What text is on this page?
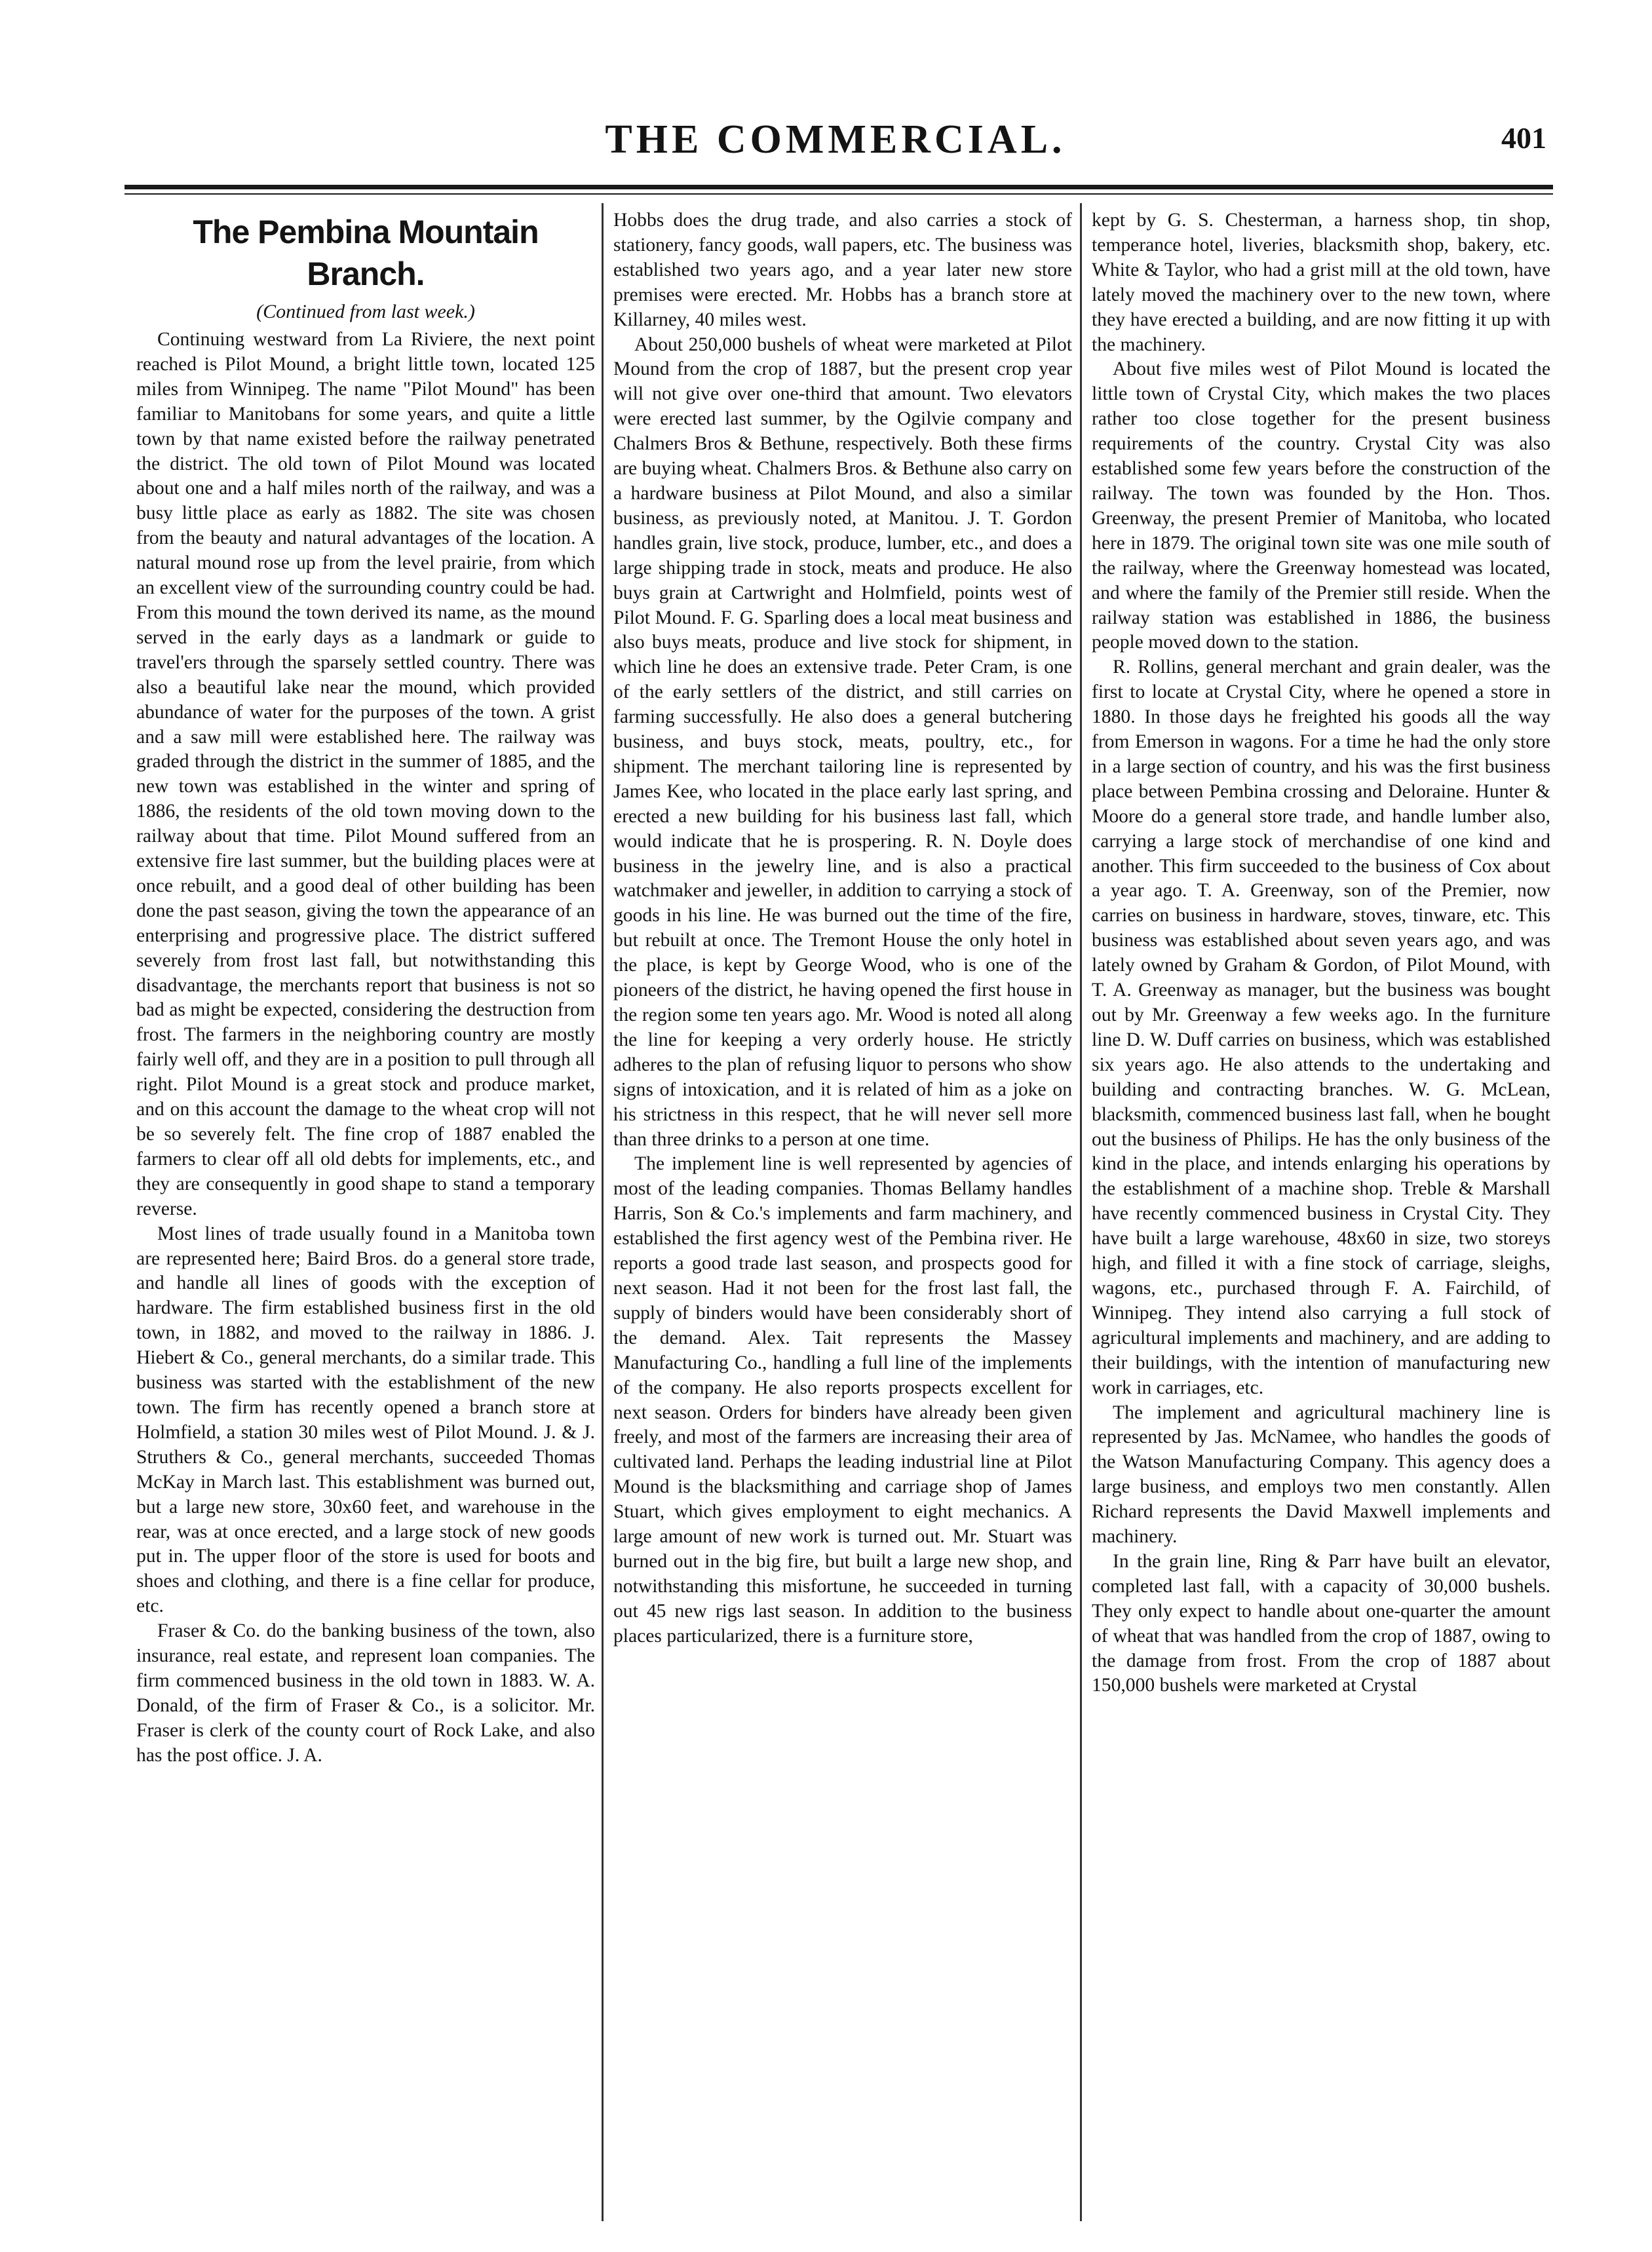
THE COMMERCIAL.	401
The Pembina Mountain Branch.
(Continued from last week.)

Continuing westward from La Riviere, the next point reached is Pilot Mound, a bright little town, located 125 miles from Winnipeg. The name "Pilot Mound" has been familiar to Manitobans for some years, and quite a little town by that name existed before the railway penetrated the district. The old town of Pilot Mound was located about one and a half miles north of the railway, and was a busy little place as early as 1882. The site was chosen from the beauty and natural advantages of the location. A natural mound rose up from the level prairie, from which an excellent view of the surrounding country could be had. From this mound the town derived its name, as the mound served in the early days as a landmark or guide to travel'ers through the sparsely settled country. There was also a beautiful lake near the mound, which provided abundance of water for the purposes of the town. A grist and a saw mill were established here. The railway was graded through the district in the summer of 1885, and the new town was established in the winter and spring of 1886, the residents of the old town moving down to the railway about that time. Pilot Mound suffered from an extensive fire last summer, but the building places were at once rebuilt, and a good deal of other building has been done the past season, giving the town the appearance of an enterprising and progressive place. The district suffered severely from frost last fall, but notwithstanding this disadvantage, the merchants report that business is not so bad as might be expected, considering the destruction from frost. The farmers in the neighboring country are mostly fairly well off, and they are in a position to pull through all right. Pilot Mound is a great stock and produce market, and on this account the damage to the wheat crop will not be so severely felt. The fine crop of 1887 enabled the farmers to clear off all old debts for implements, etc., and they are consequently in good shape to stand a temporary reverse.

Most lines of trade usually found in a Manitoba town are represented here; Baird Bros. do a general store trade, and handle all lines of goods with the exception of hardware. The firm established business first in the old town, in 1882, and moved to the railway in 1886. J. Hiebert & Co., general merchants, do a similar trade. This business was started with the establishment of the new town. The firm has recently opened a branch store at Holmfield, a station 30 miles west of Pilot Mound. J. & J. Struthers & Co., general merchants, succeeded Thomas McKay in March last. This establishment was burned out, but a large new store, 30x60 feet, and warehouse in the rear, was at once erected, and a large stock of new goods put in. The upper floor of the store is used for boots and shoes and clothing, and there is a fine cellar for produce, etc.

Fraser & Co. do the banking business of the town, also insurance, real estate, and represent loan companies. The firm commenced business in the old town in 1883. W. A. Donald, of the firm of Fraser & Co., is a solicitor. Mr. Fraser is clerk of the county court of Rock Lake, and also has the post office. J. A.

Hobbs does the drug trade, and also carries a stock of stationery, fancy goods, wall papers, etc. The business was established two years ago, and a year later new store premises were erected. Mr. Hobbs has a branch store at Killarney, 40 miles west.

About 250,000 bushels of wheat were marketed at Pilot Mound from the crop of 1887, but the present crop year will not give over one-third that amount. Two elevators were erected last summer, by the Ogilvie company and Chalmers Bros & Bethune, respectively. Both these firms are buying wheat. Chalmers Bros. & Bethune also carry on a hardware business at Pilot Mound, and also a similar business, as previously noted, at Manitou. J. T. Gordon handles grain, live stock, produce, lumber, etc., and does a large shipping trade in stock, meats and produce. He also buys grain at Cartwright and Holmfield, points west of Pilot Mound. F. G. Sparling does a local meat business and also buys meats, produce and live stock for shipment, in which line he does an extensive trade. Peter Cram, is one of the early settlers of the district, and still carries on farming successfully. He also does a general butchering business, and buys stock, meats, poultry, etc., for shipment. The merchant tailoring line is represented by James Kee, who located in the place early last spring, and erected a new building for his business last fall, which would indicate that he is prospering. R. N. Doyle does business in the jewelry line, and is also a practical watchmaker and jeweller, in addition to carrying a stock of goods in his line. He was burned out the time of the fire, but rebuilt at once. The Tremont House the only hotel in the place, is kept by George Wood, who is one of the pioneers of the district, he having opened the first house in the region some ten years ago. Mr. Wood is noted all along the line for keeping a very orderly house. He strictly adheres to the plan of refusing liquor to persons who show signs of intoxication, and it is related of him as a joke on his strictness in this respect, that he will never sell more than three drinks to a person at one time.

The implement line is well represented by agencies of most of the leading companies. Thomas Bellamy handles Harris, Son & Co.'s implements and farm machinery, and established the first agency west of the Pembina river. He reports a good trade last season, and prospects good for next season. Had it not been for the frost last fall, the supply of binders would have been considerably short of the demand. Alex. Tait represents the Massey Manufacturing Co., handling a full line of the implements of the company. He also reports prospects excellent for next season. Orders for binders have already been given freely, and most of the farmers are increasing their area of cultivated land. Perhaps the leading industrial line at Pilot Mound is the blacksmithing and carriage shop of James Stuart, which gives employment to eight mechanics. A large amount of new work is turned out. Mr. Stuart was burned out in the big fire, but built a large new shop, and notwithstanding this misfortune, he succeeded in turning out 45 new rigs last season. In addition to the business places particularized, there is a furniture store,

kept by G. S. Chesterman, a harness shop, tin shop, temperance hotel, liveries, blacksmith shop, bakery, etc. White & Taylor, who had a grist mill at the old town, have lately moved the machinery over to the new town, where they have erected a building, and are now fitting it up with the machinery.

About five miles west of Pilot Mound is located the little town of Crystal City, which makes the two places rather too close together for the present business requirements of the country. Crystal City was also established some few years before the construction of the railway. The town was founded by the Hon. Thos. Greenway, the present Premier of Manitoba, who located here in 1879. The original town site was one mile south of the railway, where the Greenway homestead was located, and where the family of the Premier still reside. When the railway station was established in 1886, the business people moved down to the station.

R. Rollins, general merchant and grain dealer, was the first to locate at Crystal City, where he opened a store in 1880. In those days he freighted his goods all the way from Emerson in wagons. For a time he had the only store in a large section of country, and his was the first business place between Pembina crossing and Deloraine. Hunter & Moore do a general store trade, and handle lumber also, carrying a large stock of merchandise of one kind and another. This firm succeeded to the business of Cox about a year ago. T. A. Greenway, son of the Premier, now carries on business in hardware, stoves, tinware, etc. This business was established about seven years ago, and was lately owned by Graham & Gordon, of Pilot Mound, with T. A. Greenway as manager, but the business was bought out by Mr. Greenway a few weeks ago. In the furniture line D. W. Duff carries on business, which was established six years ago. He also attends to the undertaking and building and contracting branches. W. G. McLean, blacksmith, commenced business last fall, when he bought out the business of Philips. He has the only business of the kind in the place, and intends enlarging his operations by the establishment of a machine shop. Treble & Marshall have recently commenced business in Crystal City. They have built a large warehouse, 48x60 in size, two storeys high, and filled it with a fine stock of carriage, sleighs, wagons, etc., purchased through F. A. Fairchild, of Winnipeg. They intend also carrying a full stock of agricultural implements and machinery, and are adding to their buildings, with the intention of manufacturing new work in carriages, etc.

The implement and agricultural machinery line is represented by Jas. McNamee, who handles the goods of the Watson Manufacturing Company. This agency does a large business, and employs two men constantly. Allen Richard represents the David Maxwell implements and machinery.

In the grain line, Ring & Parr have built an elevator, completed last fall, with a capacity of 30,000 bushels. They only expect to handle about one-quarter the amount of wheat that was handled from the crop of 1887, owing to the damage from frost. From the crop of 1887 about 150,000 bushels were marketed at Crystal
